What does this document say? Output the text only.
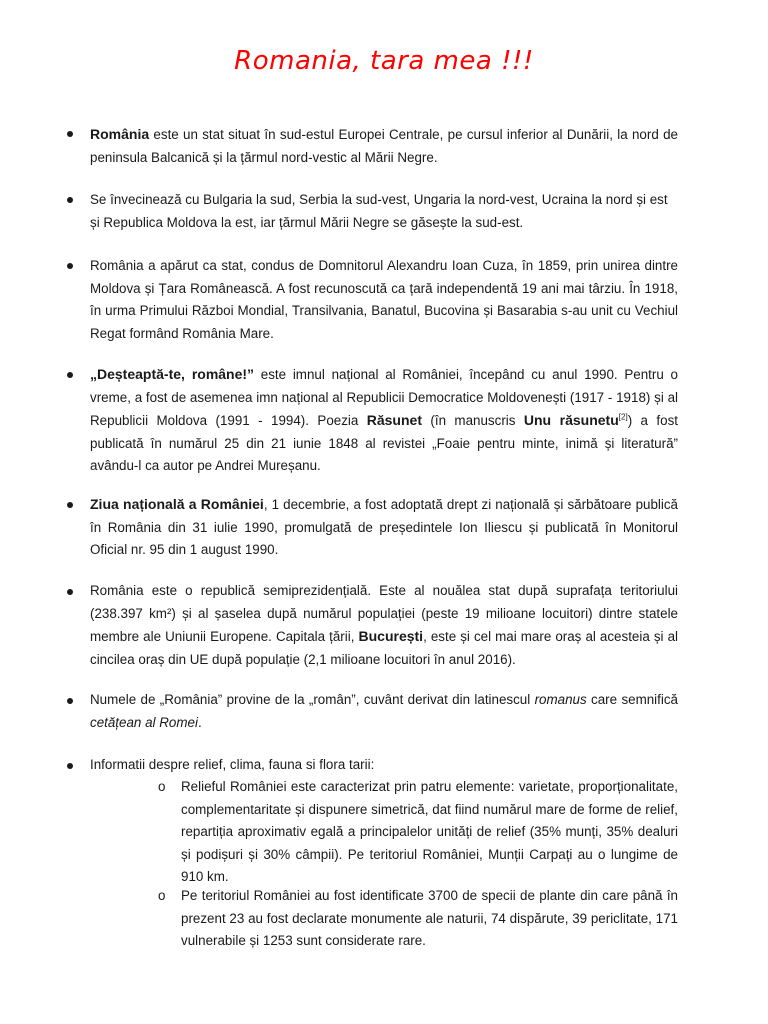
Romania, tara mea !!!
România este un stat situat în sud-estul Europei Centrale, pe cursul inferior al Dunării, la nord de peninsula Balcanică și la țărmul nord-vestic al Mării Negre.
Se învecinează cu Bulgaria la sud, Serbia la sud-vest, Ungaria la nord-vest, Ucraina la nord și est și Republica Moldova la est, iar țărmul Mării Negre se găsește la sud-est.
România a apărut ca stat, condus de Domnitorul Alexandru Ioan Cuza, în 1859, prin unirea dintre Moldova și Țara Românească. A fost recunoscută ca țară independentă 19 ani mai târziu. În 1918, în urma Primului Război Mondial, Transilvania, Banatul, Bucovina și Basarabia s-au unit cu Vechiul Regat formând România Mare.
„Deșteaptă-te, române!” este imnul național al României, începând cu anul 1990. Pentru o vreme, a fost de asemenea imn național al Republicii Democratice Moldovenești (1917 - 1918) și al Republicii Moldova (1991 - 1994). Poezia Răsunet (în manuscris Unu răsunetu[2]) a fost publicată în numărul 25 din 21 iunie 1848 al revistei „Foaie pentru minte, inimă și literatură” avându-l ca autor pe Andrei Mureșanu.
Ziua națională a României, 1 decembrie, a fost adoptată drept zi națională și sărbătoare publică în România din 31 iulie 1990, promulgată de președintele Ion Iliescu și publicată în Monitorul Oficial nr. 95 din 1 august 1990.
România este o republică semiprezidențială. Este al nouălea stat după suprafața teritoriului (238.397 km²) și al șaselea după numărul populației (peste 19 milioane locuitori) dintre statele membre ale Uniunii Europene. Capitala țării, București, este și cel mai mare oraș al acesteia și al cincilea oraș din UE după populație (2,1 milioane locuitori în anul 2016).
Numele de „România” provine de la „român”, cuvânt derivat din latinescul romanus care semnifică cetățean al Romei.
Informatii despre relief, clima, fauna si flora tarii:
o Relieful României este caracterizat prin patru elemente: varietate, proporționalitate, complementaritate și dispunere simetrică, dat fiind numărul mare de forme de relief, repartiția aproximativ egală a principalelor unități de relief (35% munți, 35% dealuri și podișuri și 30% câmpii). Pe teritoriul României, Munții Carpați au o lungime de 910 km.
o Pe teritoriul României au fost identificate 3700 de specii de plante din care până în prezent 23 au fost declarate monumente ale naturii, 74 dispărute, 39 periclitate, 171 vulnerabile și 1253 sunt considerate rare.
